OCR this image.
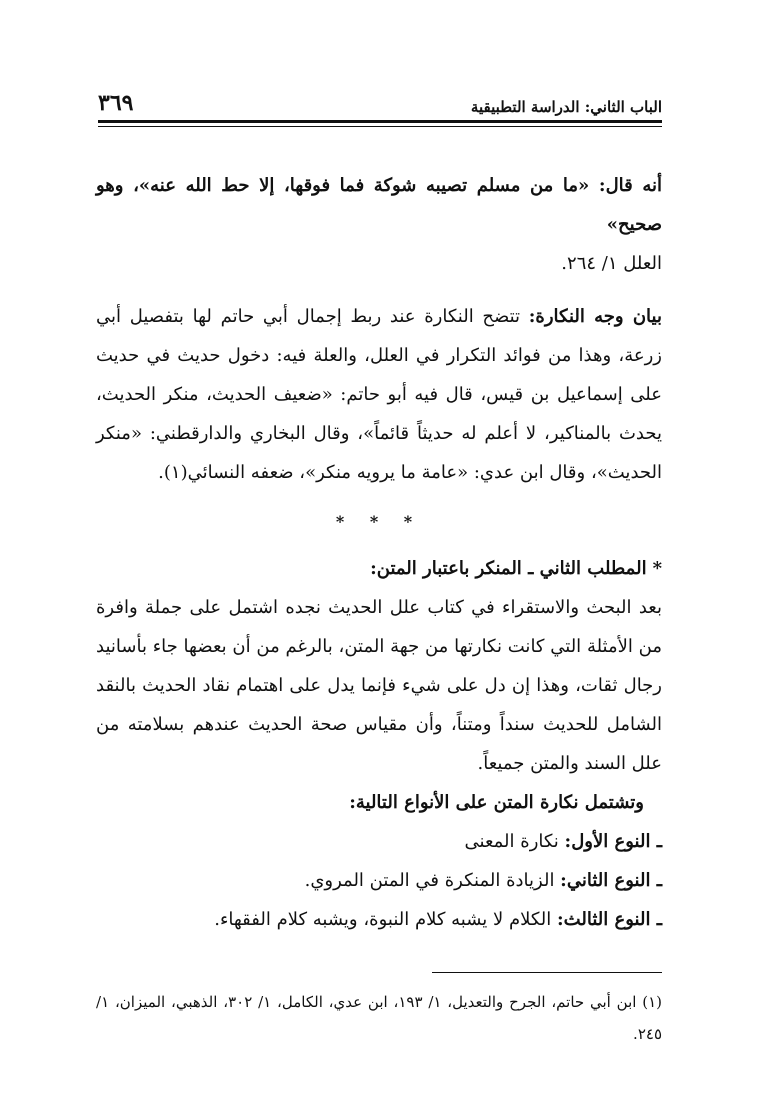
الباب الثاني: الدراسة التطبيقية
٣٦٩

أنه قال: «ما من مسلم تصيبه شوكة فما فوقها، إلا حط الله عنه»، وهو صحيح»

العلل ١/ ٢٦٤.

بيان وجه النكارة: تتضح النكارة عند ربط إجمال أبي حاتم لها بتفصيل أبي زرعة، وهذا من فوائد التكرار في العلل، والعلة فيه: دخول حديث في حديث على إسماعيل بن قيس، قال فيه أبو حاتم: «ضعيف الحديث، منكر الحديث، يحدث بالمناكير، لا أعلم له حديثاً قائماً»، وقال البخاري والدارقطني: «منكر الحديث»، وقال ابن عدي: «عامة ما يرويه منكر»، ضعفه النسائي(١).

* * *

*المطلب الثاني ـ المنكر باعتبار المتن:

بعد البحث والاستقراء في كتاب علل الحديث نجده اشتمل على جملة وافرة من الأمثلة التي كانت نكارتها من جهة المتن، بالرغم من أن بعضها جاء بأسانيد رجال ثقات، وهذا إن دل على شيء فإنما يدل على اهتمام نقاد الحديث بالنقد الشامل للحديث سنداً ومتناً، وأن مقياس صحة الحديث عندهم بسلامته من علل السند والمتن جميعاً.

وتشتمل نكارة المتن على الأنواع التالية:

ـ النوع الأول: نكارة المعنى

ـ النوع الثاني: الزيادة المنكرة في المتن المروي.

ـ النوع الثالث: الكلام لا يشبه كلام النبوة، ويشبه كلام الفقهاء.

(١) ابن أبي حاتم، الجرح والتعديل، ١/ ١٩٣، ابن عدي، الكامل، ١/ ٣٠٢، الذهبي، الميزان، ١/ ٢٤٥.
